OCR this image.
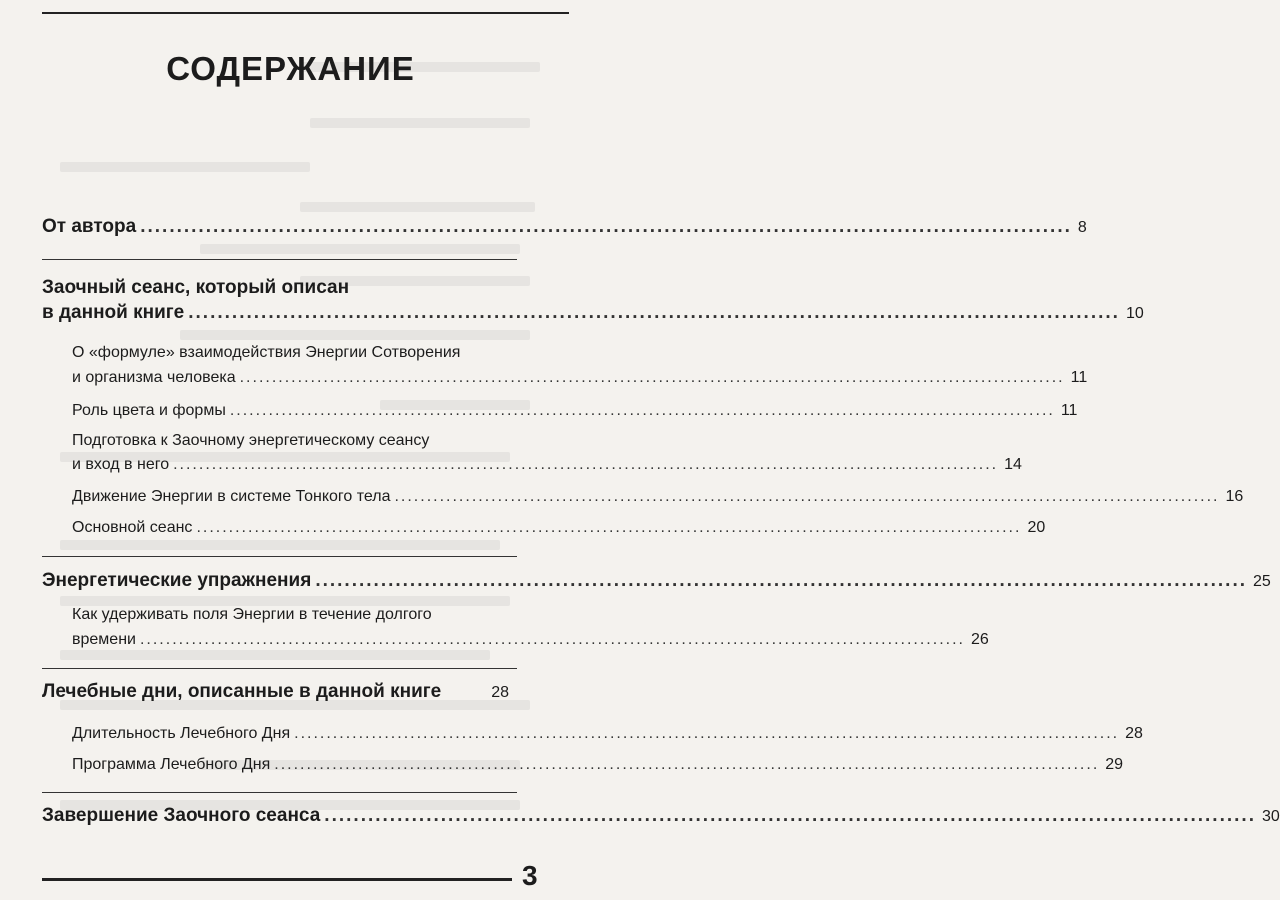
СОДЕРЖАНИЕ
От автора ................................................................................................................................ 8
Заочный сеанс, который описан
в данной книге ................................................................................................................................ 10
О «формуле» взаимодействия Энергии Сотворения
и организма человека ................................................................................................................................ 11
Роль цвета и формы ................................................................................................................................ 11
Подготовка к Заочному энергетическому сеансу
и вход в него ................................................................................................................................ 14
Движение Энергии в системе Тонкого тела ................................................................................................................................ 16
Основной сеанс ................................................................................................................................ 20
Энергетические упражнения ................................................................................................................................ 25
Как удерживать поля Энергии в течение долгого
времени ................................................................................................................................ 26
Лечебные дни, описанные в данной книге	28
Длительность Лечебного Дня ................................................................................................................................ 28
Программа Лечебного Дня ................................................................................................................................ 29
Завершение Заочного сеанса ................................................................................................................................ 30
3
